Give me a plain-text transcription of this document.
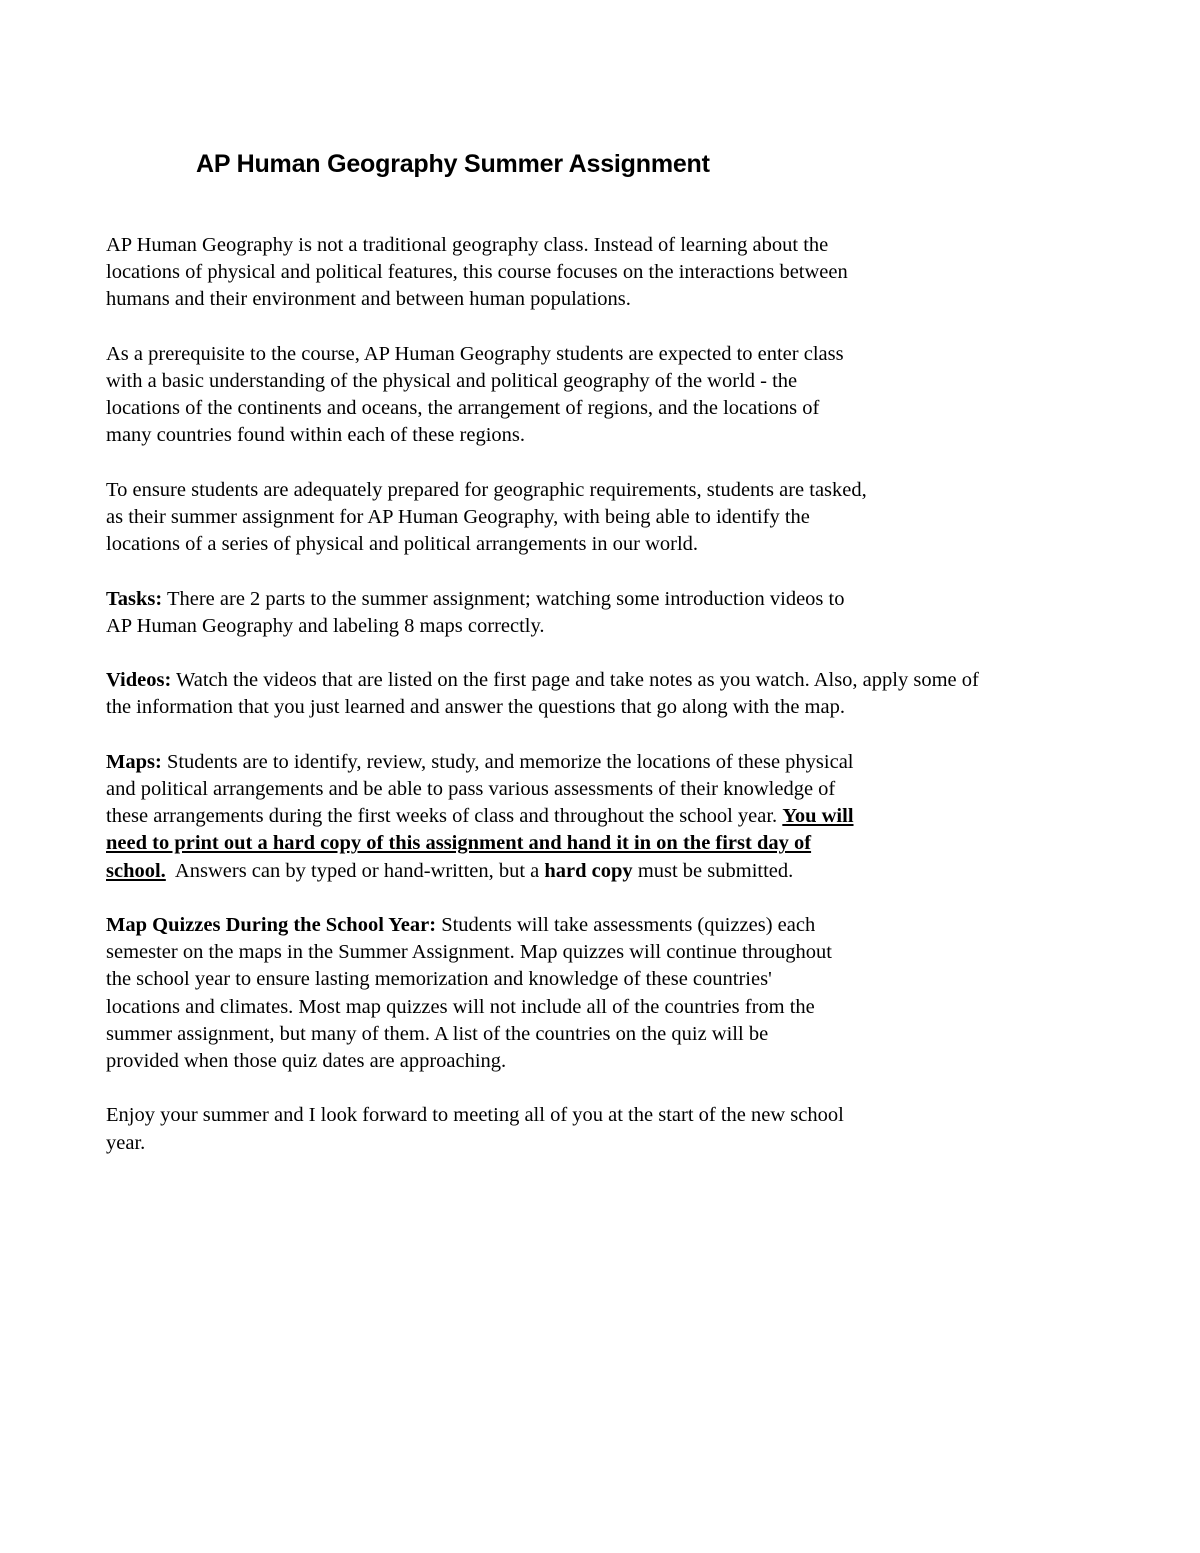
AP Human Geography Summer Assignment

AP Human Geography is not a traditional geography class. Instead of learning about the
locations of physical and political features, this course focuses on the interactions between
humans and their environment and between human populations.

As a prerequisite to the course, AP Human Geography students are expected to enter class
with a basic understanding of the physical and political geography of the world - the
locations of the continents and oceans, the arrangement of regions, and the locations of
many countries found within each of these regions.

To ensure students are adequately prepared for geographic requirements, students are tasked,
as their summer assignment for AP Human Geography, with being able to identify the
locations of a series of physical and political arrangements in our world.

Tasks: There are 2 parts to the summer assignment; watching some introduction videos to
AP Human Geography and labeling 8 maps correctly.

Videos: Watch the videos that are listed on the first page and take notes as you watch. Also, apply some of
the information that you just learned and answer the questions that go along with the map.

Maps: Students are to identify, review, study, and memorize the locations of these physical
and political arrangements and be able to pass various assessments of their knowledge of
these arrangements during the first weeks of class and throughout the school year. You will
need to print out a hard copy of this assignment and hand it in on the first day of
school.  Answers can by typed or hand-written, but a hard copy must be submitted.

Map Quizzes During the School Year: Students will take assessments (quizzes) each
semester on the maps in the Summer Assignment. Map quizzes will continue throughout
the school year to ensure lasting memorization and knowledge of these countries'
locations and climates. Most map quizzes will not include all of the countries from the
summer assignment, but many of them. A list of the countries on the quiz will be
provided when those quiz dates are approaching.

Enjoy your summer and I look forward to meeting all of you at the start of the new school
year.
